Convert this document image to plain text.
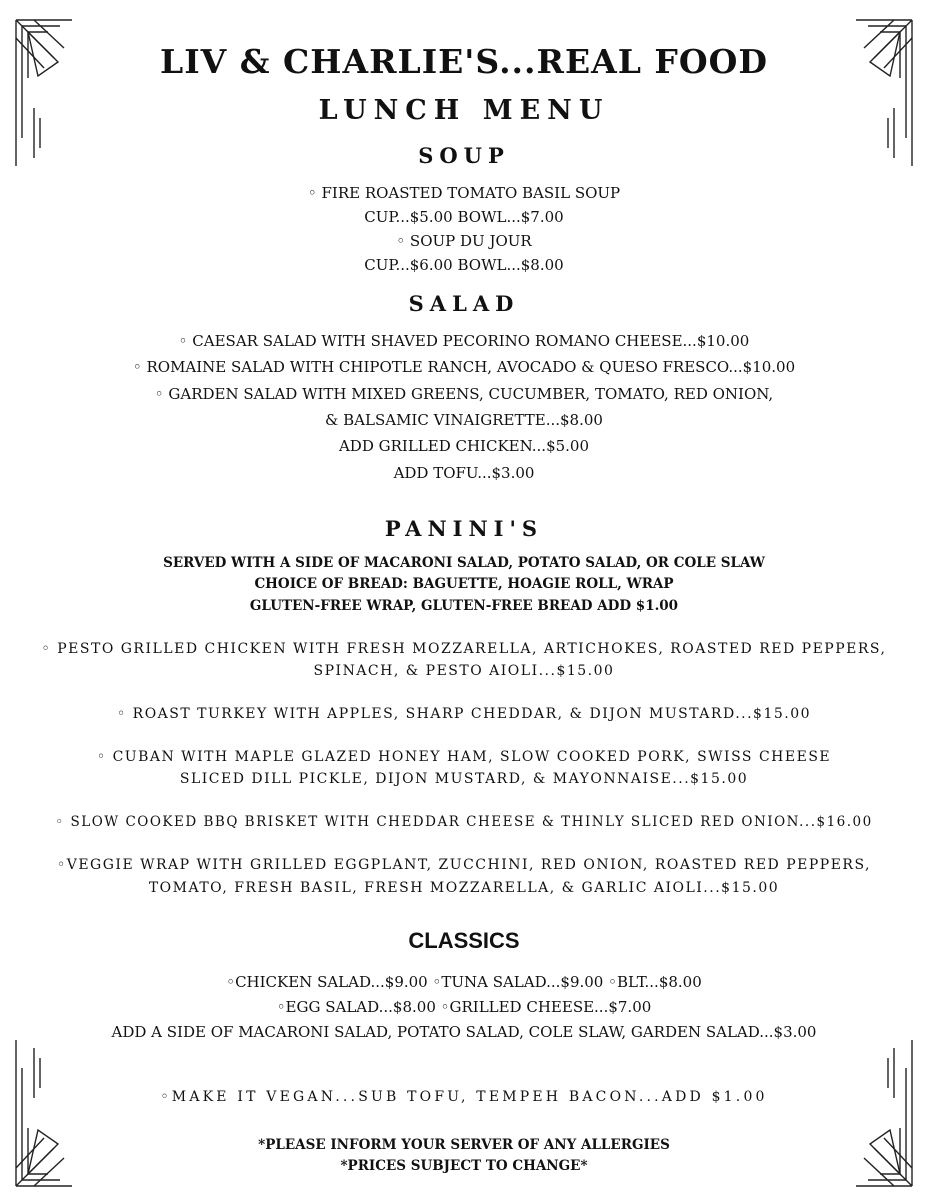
LIV & CHARLIE'S...REAL FOOD
LUNCH MENU
SOUP
◦ FIRE ROASTED TOMATO BASIL SOUP
CUP...$5.00 BOWL...$7.00
◦ SOUP DU JOUR
CUP...$6.00 BOWL...$8.00
SALAD
◦ CAESAR SALAD WITH SHAVED PECORINO ROMANO CHEESE...$10.00
◦ ROMAINE SALAD WITH CHIPOTLE RANCH, AVOCADO & QUESO FRESCO...$10.00
◦ GARDEN SALAD WITH MIXED GREENS, CUCUMBER, TOMATO, RED ONION,
& BALSAMIC VINAIGRETTE...$8.00
ADD GRILLED CHICKEN...$5.00
ADD TOFU...$3.00
PANINI'S
SERVED WITH A SIDE OF MACARONI SALAD, POTATO SALAD, OR COLE SLAW
CHOICE OF BREAD: BAGUETTE, HOAGIE ROLL, WRAP
GLUTEN-FREE WRAP, GLUTEN-FREE BREAD ADD $1.00
◦ PESTO GRILLED CHICKEN WITH FRESH MOZZARELLA, ARTICHOKES, ROASTED RED PEPPERS,
SPINACH, & PESTO AIOLI...$15.00
◦ ROAST TURKEY WITH APPLES, SHARP CHEDDAR, & DIJON MUSTARD...$15.00
◦ CUBAN WITH MAPLE GLAZED HONEY HAM, SLOW COOKED PORK, SWISS CHEESE
SLICED DILL PICKLE, DIJON MUSTARD, & MAYONNAISE...$15.00
◦ SLOW COOKED BBQ BRISKET WITH CHEDDAR CHEESE & THINLY SLICED RED ONION...$16.00
◦VEGGIE WRAP WITH GRILLED EGGPLANT, ZUCCHINI, RED ONION, ROASTED RED PEPPERS,
TOMATO, FRESH BASIL, FRESH MOZZARELLA, & GARLIC AIOLI...$15.00
CLASSICS
◦CHICKEN SALAD...$9.00 ◦TUNA SALAD...$9.00 ◦BLT...$8.00
◦EGG SALAD...$8.00 ◦GRILLED CHEESE...$7.00
ADD A SIDE OF MACARONI SALAD, POTATO SALAD, COLE SLAW, GARDEN SALAD...$3.00
◦MAKE IT VEGAN...SUB TOFU, TEMPEH BACON...ADD $1.00
*PLEASE INFORM YOUR SERVER OF ANY ALLERGIES
*PRICES SUBJECT TO CHANGE*
